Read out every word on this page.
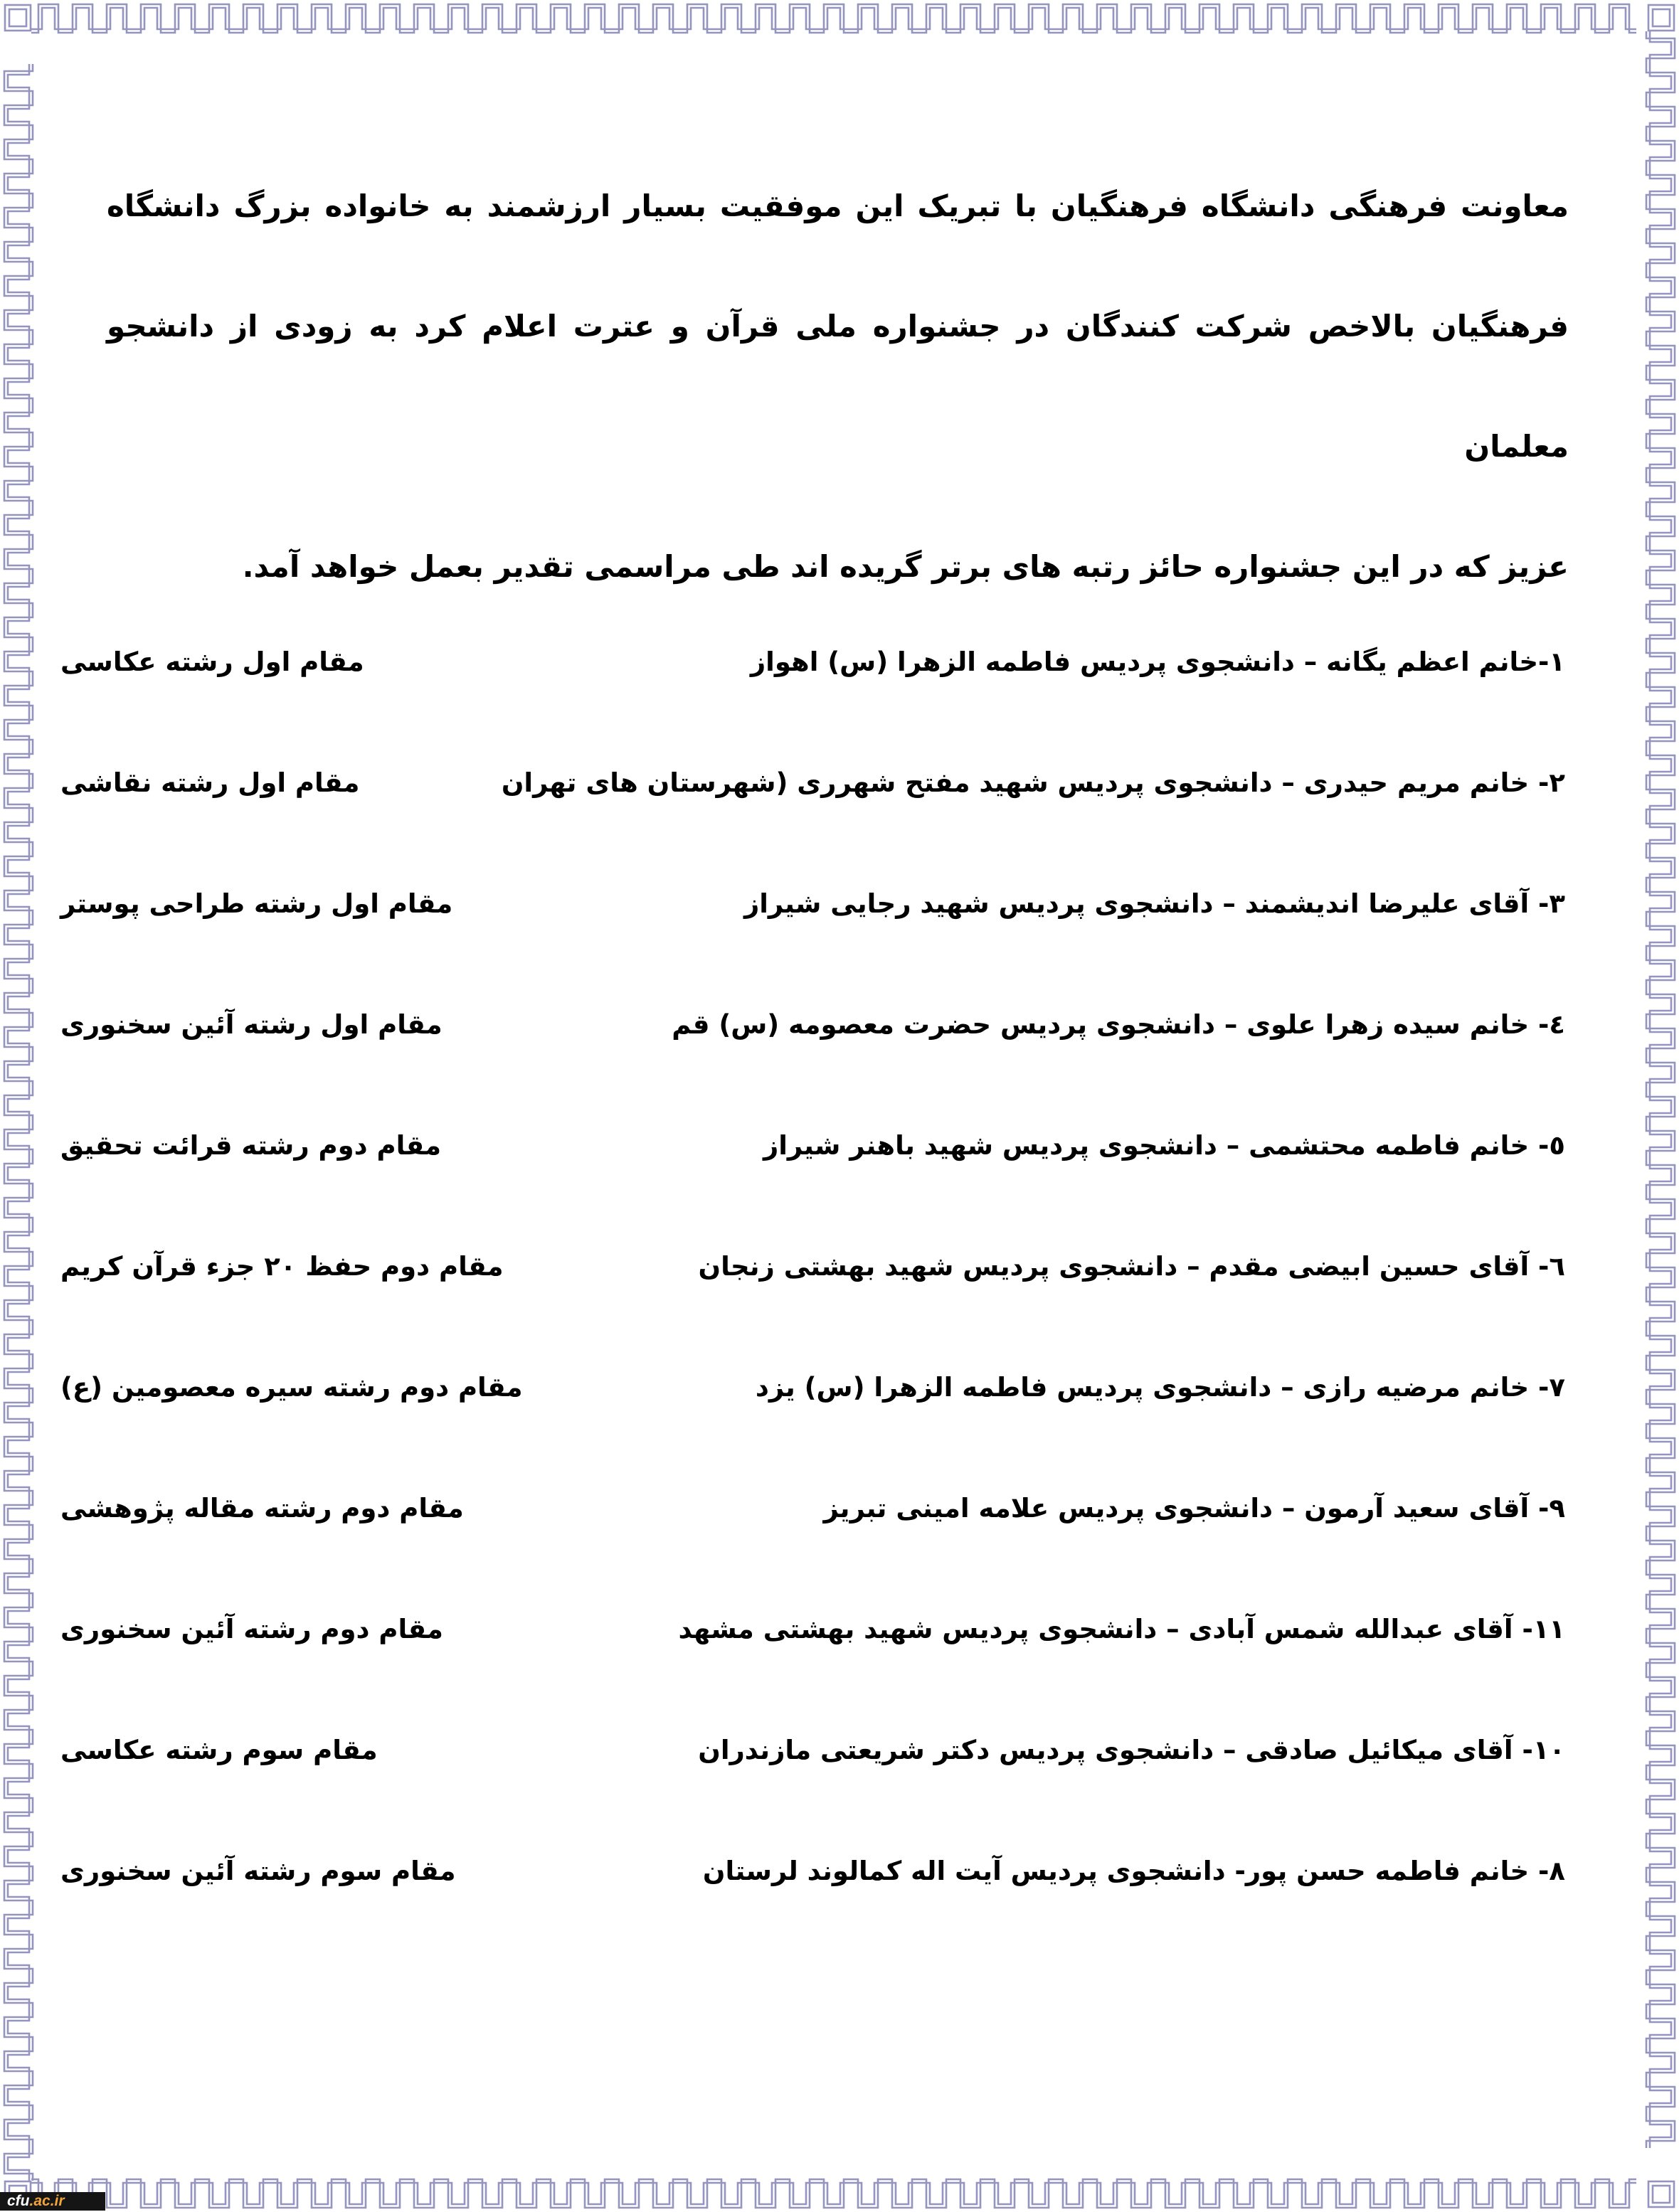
معاونت فرهنگی دانشگاه فرهنگیان با تبریک این موفقیت بسیار ارزشمند به خانواده بزرگ دانشگاه
فرهنگیان بالاخص شرکت کنندگان در جشنواره ملی قرآن و عترت اعلام کرد به زودی از دانشجو معلمان
عزیز که در این جشنواره حائز رتبه های برتر گریده اند طی مراسمی تقدیر بعمل خواهد آمد.
١-خانم اعظم یگانه – دانشجوی پردیس فاطمه الزهرا (س) اهواز
مقام اول رشته عکاسی
٢- خانم مریم حیدری – دانشجوی پردیس شهید مفتح شهرری (شهرستان های تهران
مقام اول رشته نقاشی
٣- آقای علیرضا اندیشمند – دانشجوی پردیس شهید رجایی شیراز
مقام اول رشته طراحی پوستر
٤- خانم سیده زهرا علوی – دانشجوی پردیس حضرت معصومه (س) قم
مقام اول رشته آئین سخنوری
٥- خانم فاطمه محتشمی – دانشجوی پردیس شهید باهنر شیراز
مقام دوم رشته قرائت تحقیق
٦- آقای حسین ابیضی مقدم – دانشجوی پردیس شهید بهشتی زنجان
مقام دوم حفظ ٢٠ جزء قرآن کریم
٧- خانم مرضیه رازی – دانشجوی پردیس فاطمه الزهرا (س) یزد
مقام دوم رشته سیره معصومین (ع)
٩- آقای سعید آرمون – دانشجوی پردیس علامه امینی تبریز
مقام دوم رشته مقاله پژوهشی
١١- آقای عبدالله شمس آبادی – دانشجوی پردیس شهید بهشتی مشهد
مقام دوم رشته آئین سخنوری
١٠- آقای میکائیل صادقی – دانشجوی پردیس دکتر شریعتی مازندران
مقام سوم رشته عکاسی
٨- خانم فاطمه حسن پور- دانشجوی پردیس آیت اله کمالوند لرستان
مقام سوم رشته آئین سخنوری
cfu .ac.ir
